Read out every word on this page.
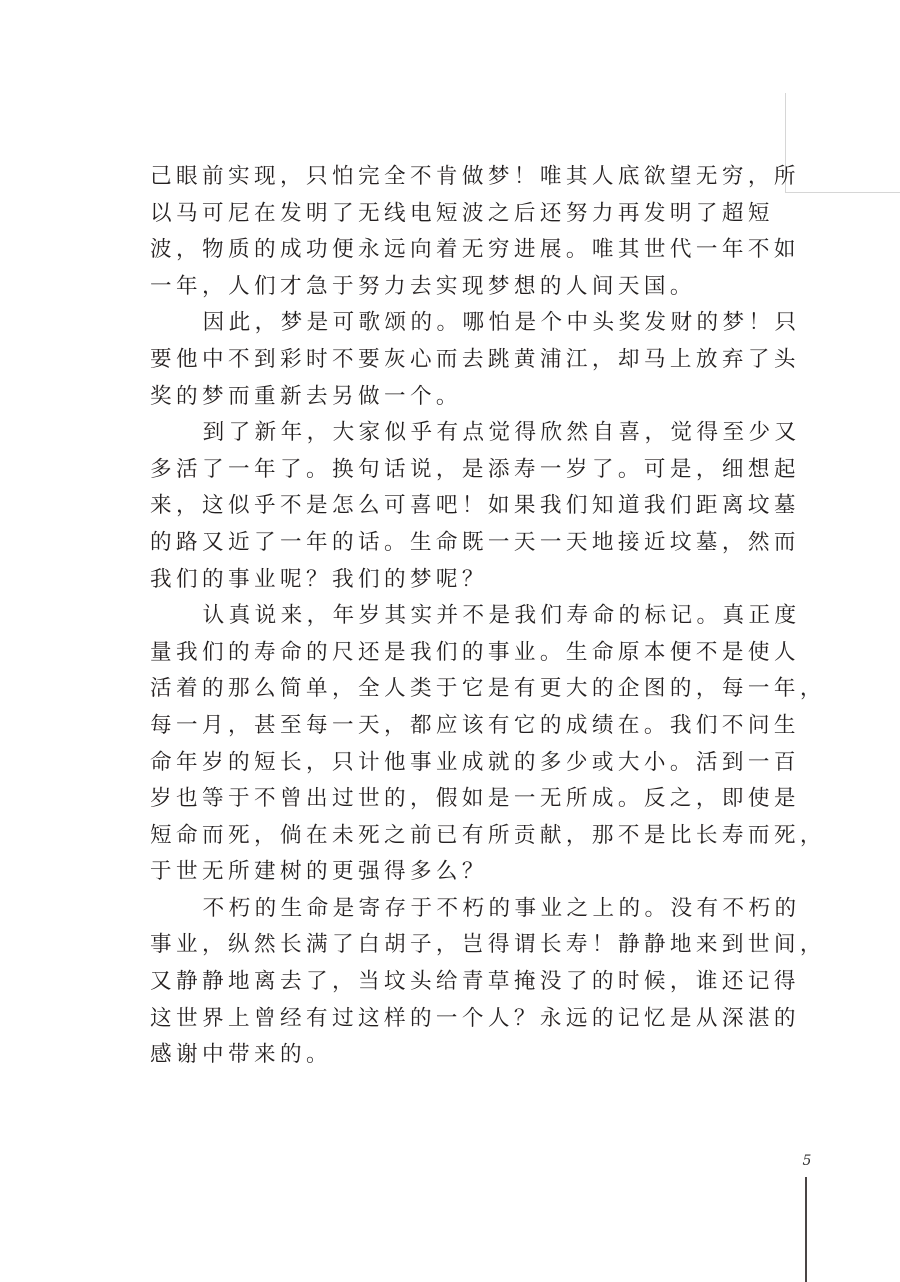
己眼前实现，只怕完全不肯做梦！唯其人底欲望无穷，所
以马可尼在发明了无线电短波之后还努力再发明了超短
波，物质的成功便永远向着无穷进展。唯其世代一年不如
一年，人们才急于努力去实现梦想的人间天国。

因此，梦是可歌颂的。哪怕是个中头奖发财的梦！只
要他中不到彩时不要灰心而去跳黄浦江，却马上放弃了头
奖的梦而重新去另做一个。

到了新年，大家似乎有点觉得欣然自喜，觉得至少又
多活了一年了。换句话说，是添寿一岁了。可是，细想起
来，这似乎不是怎么可喜吧！如果我们知道我们距离坟墓
的路又近了一年的话。生命既一天一天地接近坟墓，然而
我们的事业呢？我们的梦呢？

认真说来，年岁其实并不是我们寿命的标记。真正度
量我们的寿命的尺还是我们的事业。生命原本便不是使人
活着的那么简单，全人类于它是有更大的企图的，每一年，
每一月，甚至每一天，都应该有它的成绩在。我们不问生
命年岁的短长，只计他事业成就的多少或大小。活到一百
岁也等于不曾出过世的，假如是一无所成。反之，即使是
短命而死，倘在未死之前已有所贡献，那不是比长寿而死，
于世无所建树的更强得多么？

不朽的生命是寄存于不朽的事业之上的。没有不朽的
事业，纵然长满了白胡子，岂得谓长寿！静静地来到世间，
又静静地离去了，当坟头给青草掩没了的时候，谁还记得
这世界上曾经有过这样的一个人？永远的记忆是从深湛的
感谢中带来的。

5
